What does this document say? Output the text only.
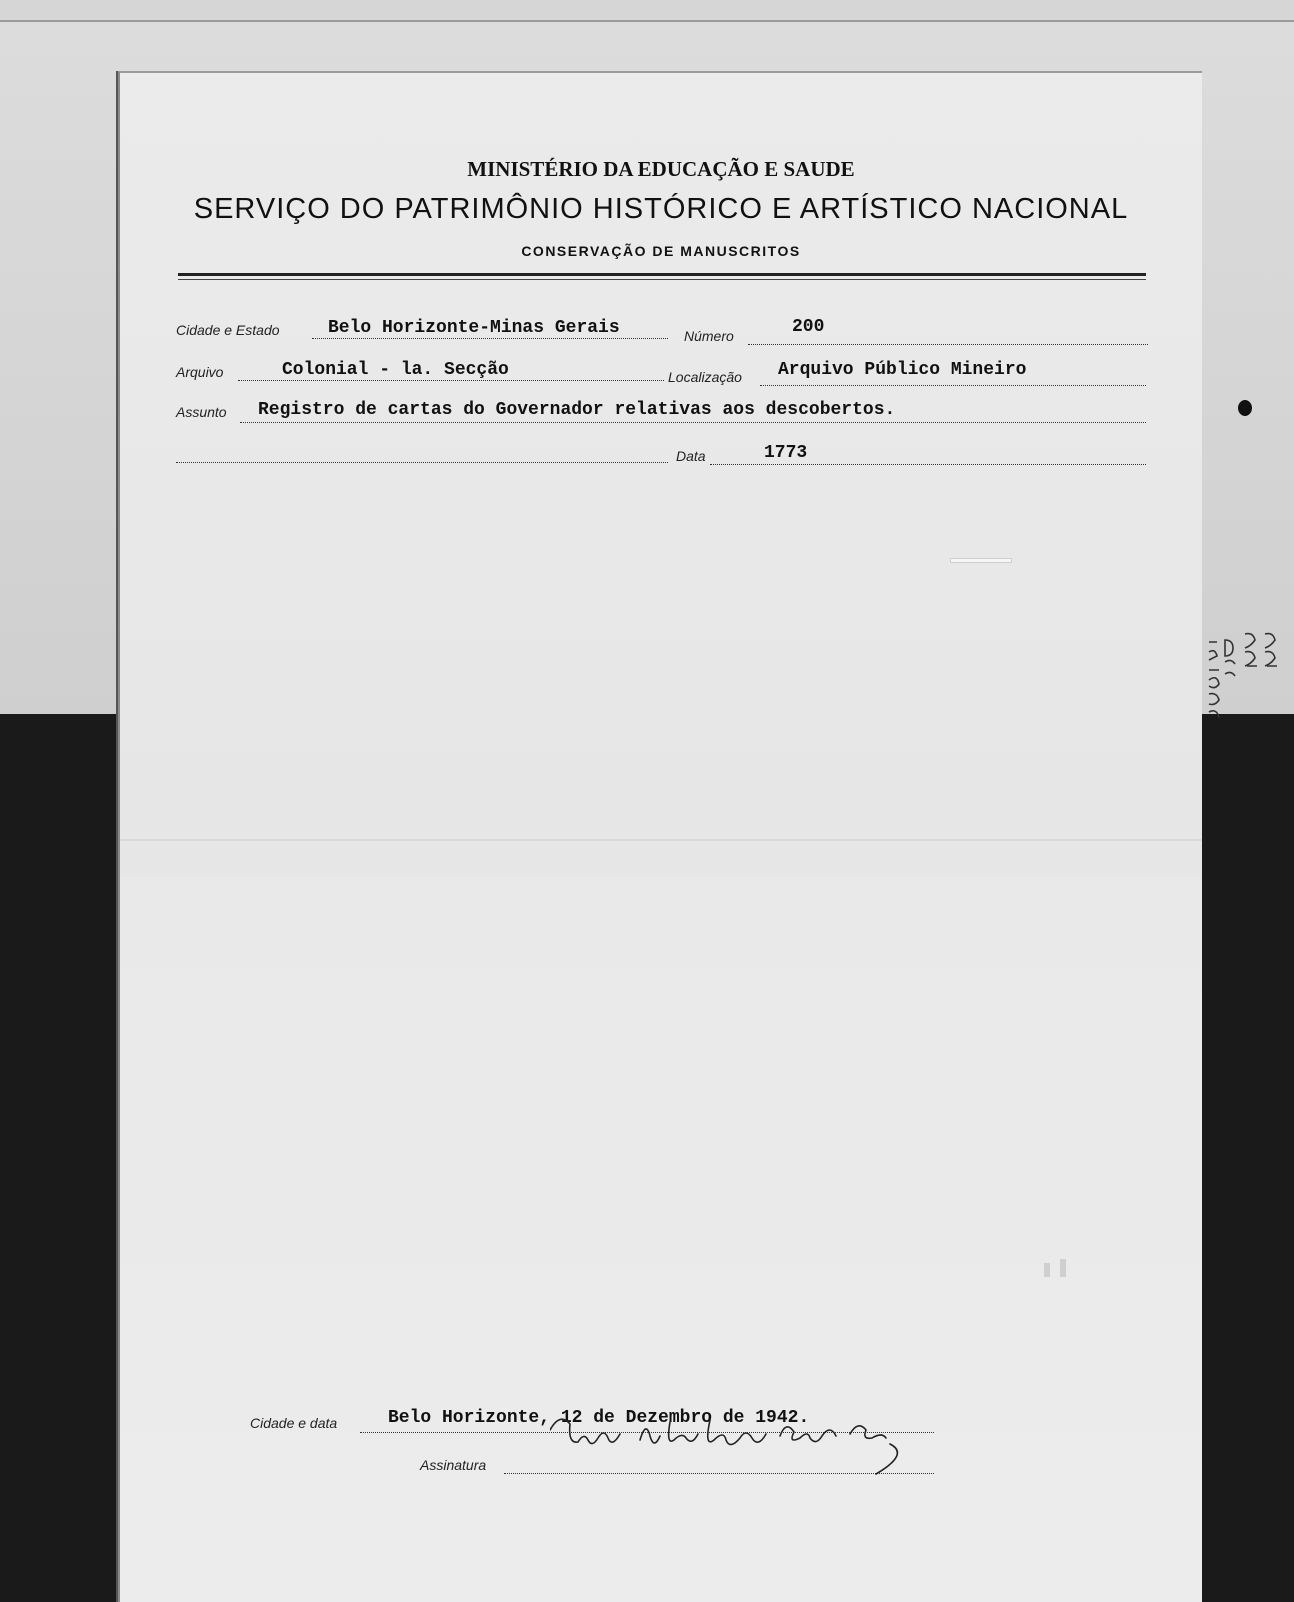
MINISTÉRIO DA EDUCAÇÃO E SAUDE
SERVIÇO DO PATRIMÔNIO HISTÓRICO E ARTÍSTICO NACIONAL
CONSERVAÇÃO DE MANUSCRITOS
Cidade e Estado	Belo Horizonte-Minas Gerais	Número	200
Arquivo	Colonial - la. Secção	Localização Arquivo Público Mineiro
Assunto Registro de cartas do Governador relativas aos descobertos.
Data	1773
Cidade e data	Belo Horizonte, 12 de Dezembro de 1942.
Assinatura
